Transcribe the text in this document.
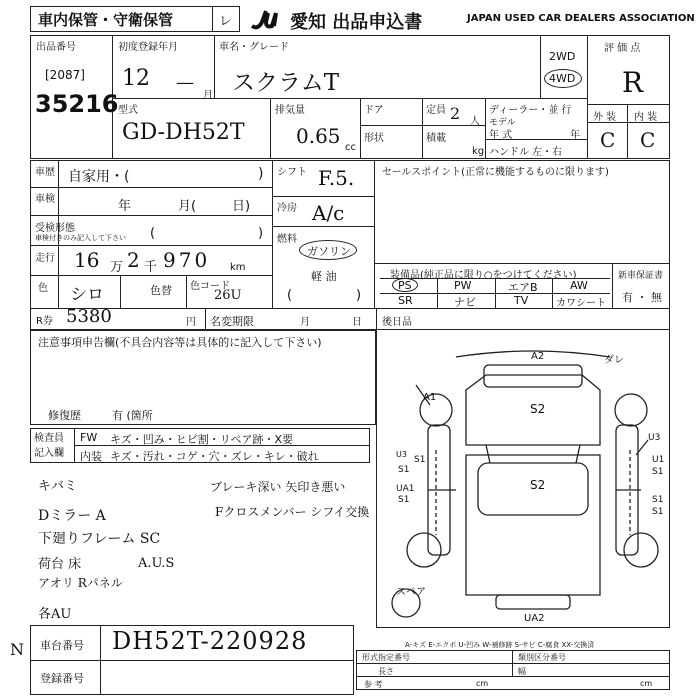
車内保管・守衛保管	レ	愛知 出品申込書	JAPAN USED CAR DEALERS ASSOCIATION
出品番号
[2087]
35216
初度登録年月
12 —
月
車名・グレード
スクラムT
2WD
4WD
評 価 点
R
型式
GD-DH52T
排気量
0.65 cc
ドア	定員 2 人
形状	積載
kg
ディーラー・並 行
モデル
年 式	年
ハンドル 左・右
外 装 内 装
C C
車歴 自家用・(	)
車検	年	月(	日)
受検形態
車検付きのみ記入して下さい (	)
走行 16 万 2 千 970 km
色 シロ	色替 色コード
26U
シフト F.5.
冷房 A/c
燃料
ガソリン
軽 油
(	)
セールスポイント(正常に機能するものに限ります)
装備品(純正品に限り○をつけてください)
PS	PW	エアB	AW
SR	ナビ	TV	カワシート
新車保証書
有 ・ 無
R券 5380	円 名変期限	月	日 後日品
注意事項申告欄(不具合内容等は具体的に記入して下さい)
修復歴	有 (箇所
A2	ダレ
A1
S2
S2
U3
U3
S1
S1
UA1
S1
U1
S1
S1
S1
スペア
UA2
A-キズ E-エクボ U-凹み W-補修跡 S-サビ C-腐食 XX-交換済
検査員
記入欄
FW キズ・凹み・ヒビ割・リペア跡・X要
内装 キズ・汚れ・コゲ・穴・ズレ・キレ・破れ
キバミ	ブレーキ深い 矢印き悪い
Dミラー A	Fクロスメンバー シフイ交換
下廻りフレーム SC
荷台 床
アオリ Rパネル
A.U.S
各AU
N 車台番号 DH52T-220928
登録番号
形式指定番号	類別区分番号
参 考
長さ
cm
幅
cm
